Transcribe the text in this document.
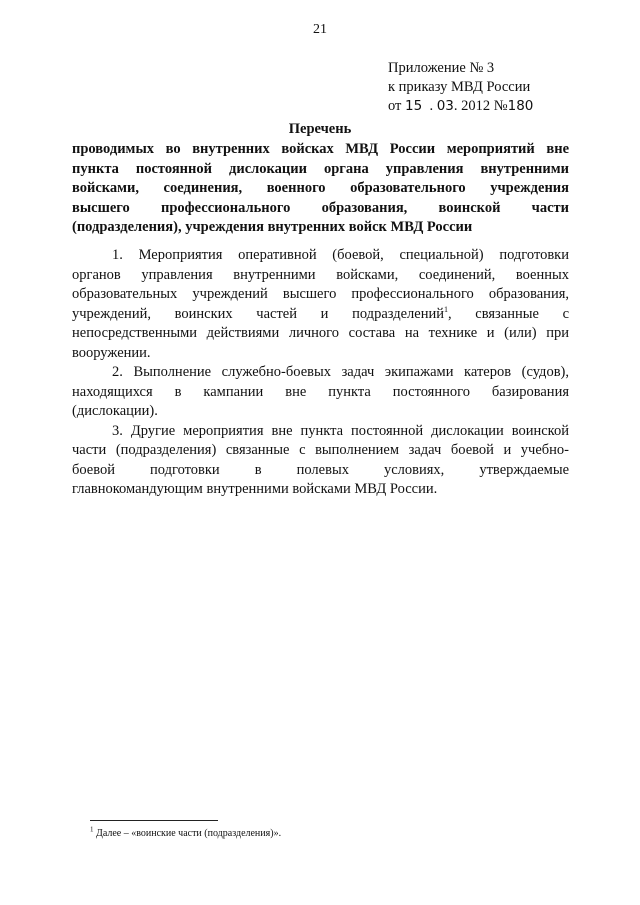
21
Приложение № 3
к приказу МВД России
от 15  . 03. 2012 №180
Перечень
проводимых во внутренних войсках МВД России мероприятий вне
пункта постоянной дислокации органа управления внутренними
войсками, соединения, военного образовательного учреждения
высшего профессионального образования, воинской части
(подразделения), учреждения внутренних войск МВД России
1. Мероприятия оперативной (боевой, специальной) подготовки
органов управления внутренними войсками, соединений, военных
образовательных учреждений высшего профессионального образования,
учреждений, воинских частей и подразделений$^1$, связанные с
непосредственными действиями личного состава на технике и (или) при
вооружении.
2. Выполнение служебно-боевых задач экипажами катеров (судов),
находящихся в кампании вне пункта постоянного базирования
(дислокации).
3. Другие мероприятия вне пункта постоянной дислокации воинской
части (подразделения) связанные с выполнением задач боевой и учебно-
боевой подготовки в полевых условиях, утверждаемые
главнокомандующим внутренними войсками МВД России.
$^1$ Далее – «воинские части (подразделения)».
